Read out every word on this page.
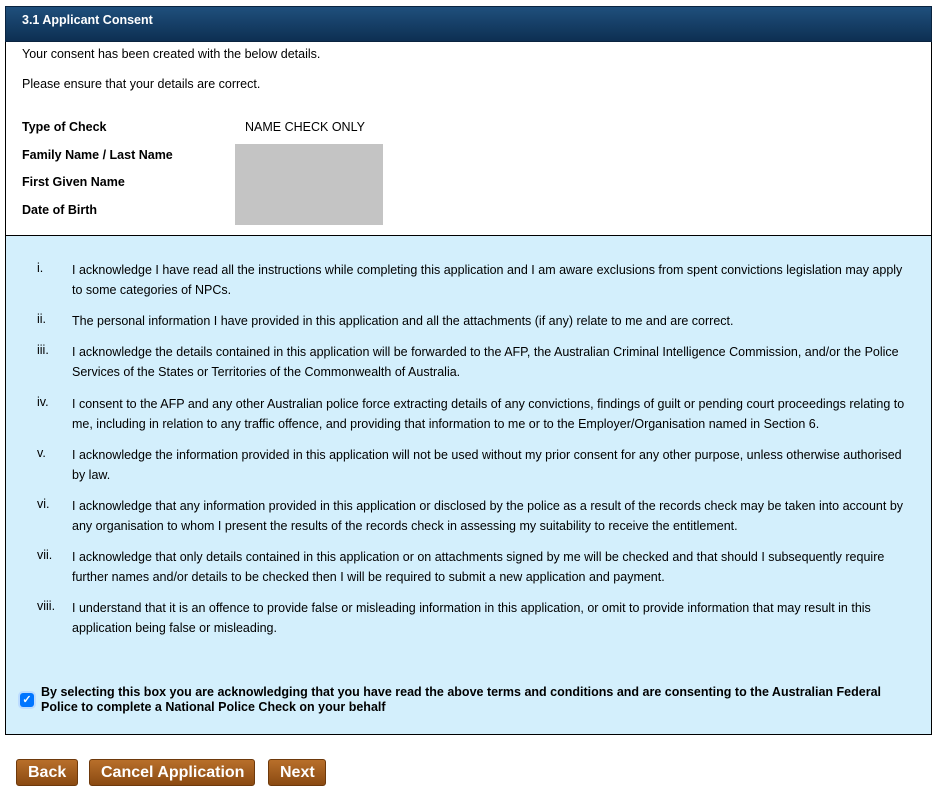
3.1 Applicant Consent

Your consent has been created with the below details.

Please ensure that your details are correct.

Type of Check	NAME CHECK ONLY
Family Name / Last Name
First Given Name
Date of Birth
i. I acknowledge I have read all the instructions while completing this application and I am aware exclusions from spent convictions legislation may apply to some categories of NPCs.
ii. The personal information I have provided in this application and all the attachments (if any) relate to me and are correct.
iii. I acknowledge the details contained in this application will be forwarded to the AFP, the Australian Criminal Intelligence Commission, and/or the Police Services of the States or Territories of the Commonwealth of Australia.
iv. I consent to the AFP and any other Australian police force extracting details of any convictions, findings of guilt or pending court proceedings relating to me, including in relation to any traffic offence, and providing that information to me or to the Employer/Organisation named in Section 6.
v. I acknowledge the information provided in this application will not be used without my prior consent for any other purpose, unless otherwise authorised by law.
vi. I acknowledge that any information provided in this application or disclosed by the police as a result of the records check may be taken into account by any organisation to whom I present the results of the records check in assessing my suitability to receive the entitlement.
vii. I acknowledge that only details contained in this application or on attachments signed by me will be checked and that should I subsequently require further names and/or details to be checked then I will be required to submit a new application and payment.
viii. I understand that it is an offence to provide false or misleading information in this application, or omit to provide information that may result in this application being false or misleading.
✓
By selecting this box you are acknowledging that you have read the above terms and conditions and are consenting to the Australian Federal Police to complete a National Police Check on your behalf
Back	Cancel Application	Next
